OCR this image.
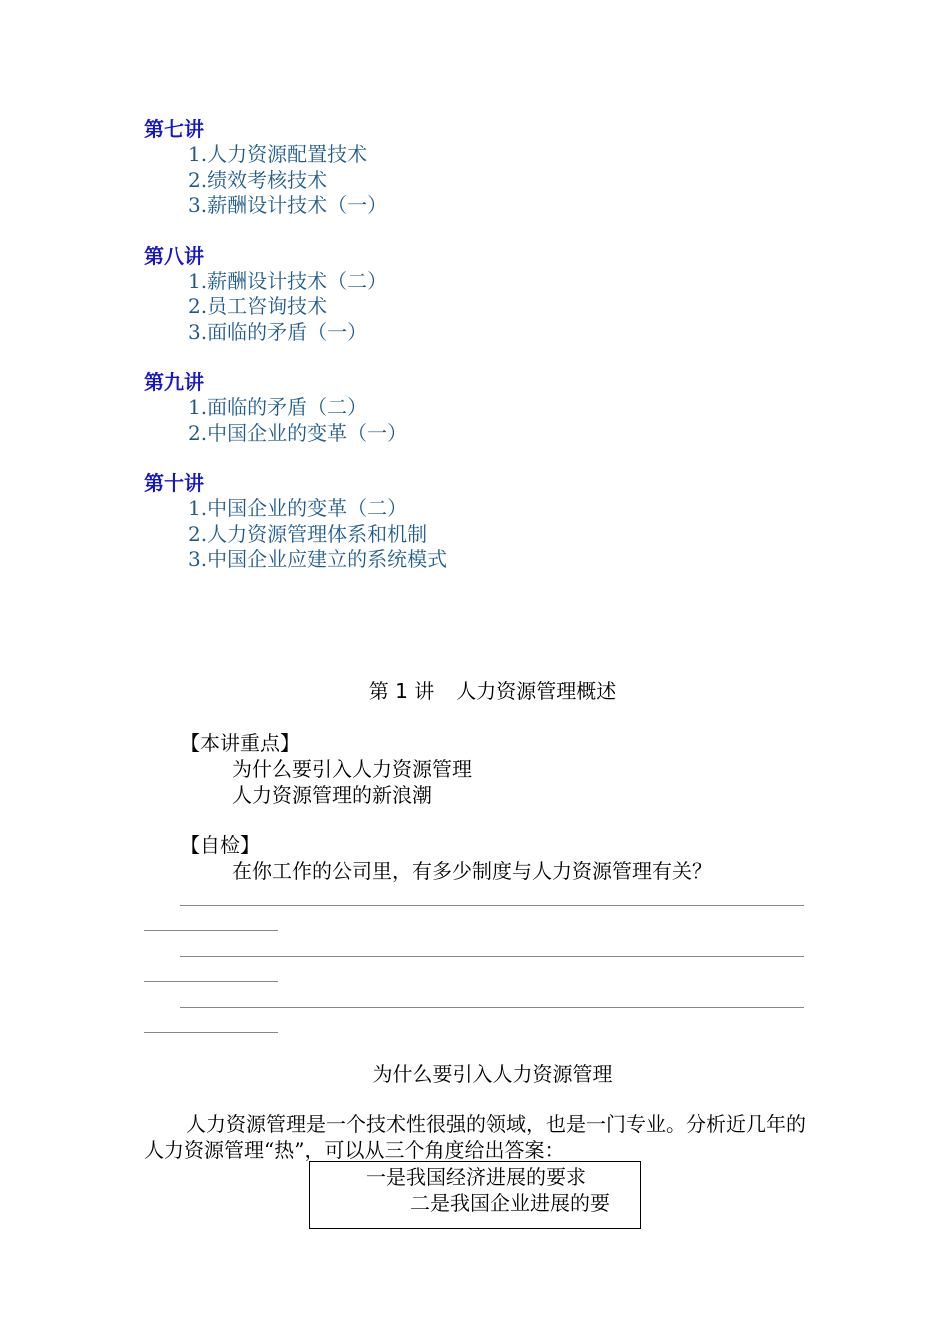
第七讲
1.人力资源配置技术
2.绩效考核技术
3.薪酬设计技术（一）
第八讲
1.薪酬设计技术（二）
2.员工咨询技术
3.面临的矛盾（一）
第九讲
1.面临的矛盾（二）
2.中国企业的变革（一）
第十讲
1.中国企业的变革（二）
2.人力资源管理体系和机制
3.中国企业应建立的系统模式
第 1 讲 人力资源管理概述
【本讲重点】
为什么要引入人力资源管理
人力资源管理的新浪潮
【自检】
在你工作的公司里，有多少制度与人力资源管理有关？
为什么要引入人力资源管理
人力资源管理是一个技术性很强的领域，也是一门专业。分析近几年的人力资源管理“热”，可以从三个角度给出答案：
一是我国经济进展的要求
二是我国企业进展的要
